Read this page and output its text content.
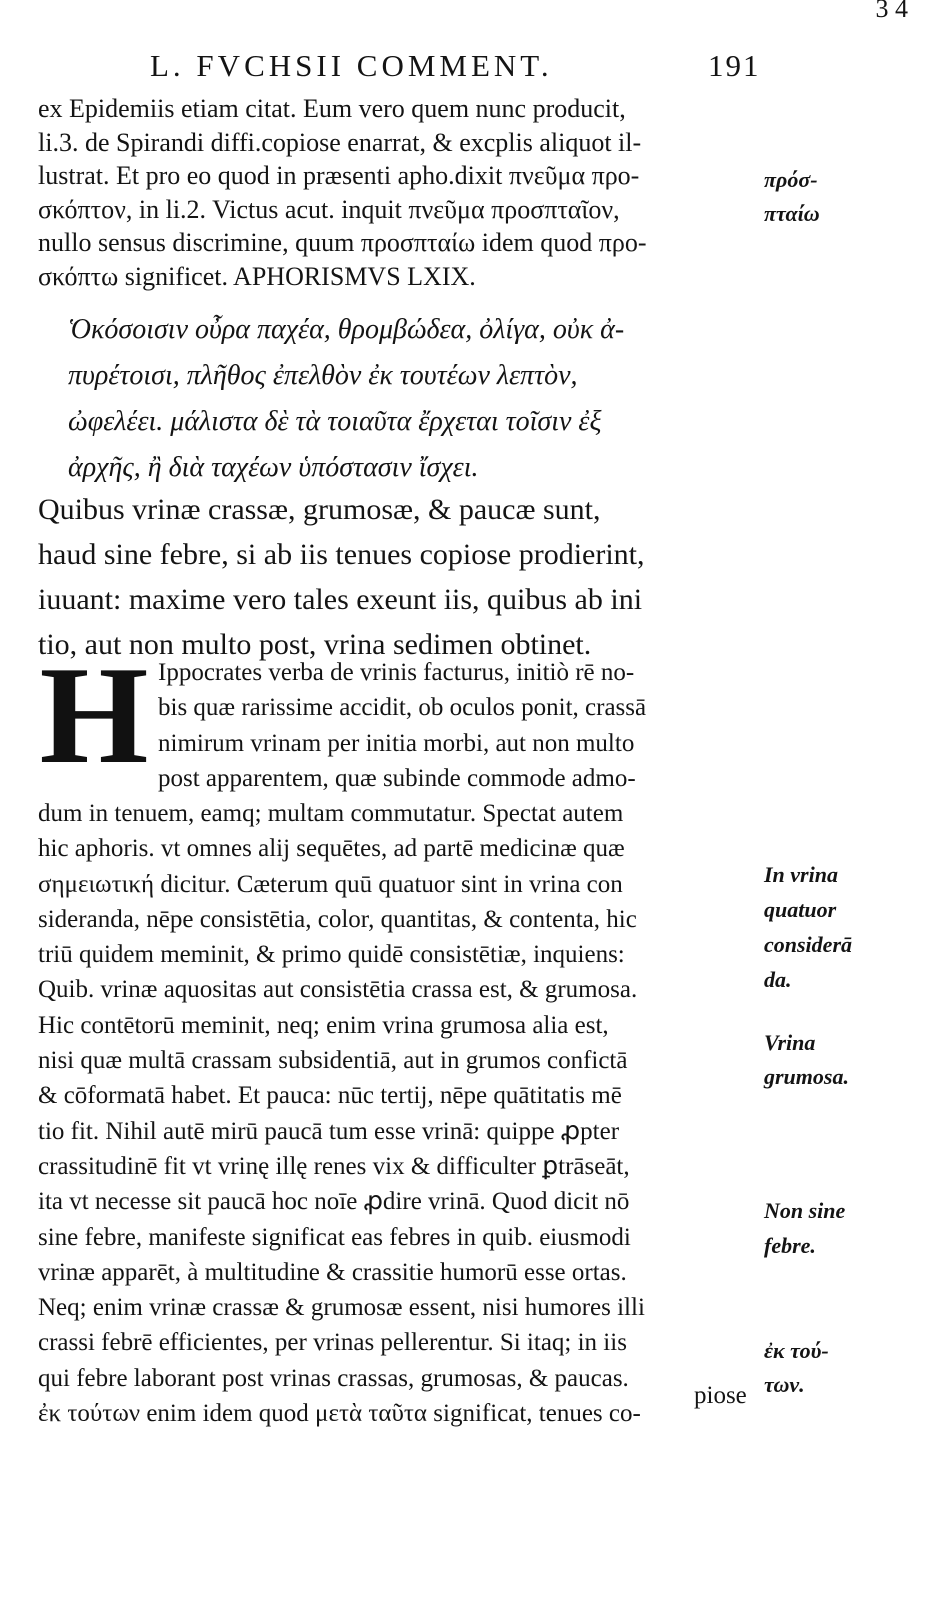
3 4
L. FVCHSII COMMENT.	191
ex Epidemiis etiam citat. Eum vero quem nunc producit,
li.3. de Spirandi diffi.copiose enarrat, & excplis aliquot il-
lustrat. Et pro eo quod in præsenti apho.dixit πνεῦμα προ-
σκόπτον, in li.2. Victus acut. inquit πνεῦμα προσπταῖον,
nullo sensus discrimine, quum προσπταίω idem quod προ-
σκόπτω significet. APHORISMVS LXIX.
Ὁκόσοισιν οὖρα παχέα, θρομβώδεα, ὀλίγα, οὐκ ἀ-
πυρέτοισι, πλῆθος ἐπελθὸν ἐκ τουτέων λεπτὸν,
ὠφελέει. μάλιστα δὲ τὰ τοιαῦτα ἔρχεται τοῖσιν ἐξ
ἀρχῆς, ἢ διὰ ταχέων ὑπόστασιν ἴσχει.
Quibus vrinæ crassæ, grumosæ, & paucæ sunt,
haud sine febre, si ab iis tenues copiose prodierint,
iuuant: maxime vero tales exeunt iis, quibus ab ini
tio, aut non multo post, vrina sedimen obtinet.
H Ippocrates verba de vrinis facturus, initiò rē no-
bis quæ rarissime accidit, ob oculos ponit, crassā
nimirum vrinam per initia morbi, aut non multo
post apparentem, quæ subinde commode admo-
dum in tenuem, eamq; multam commutatur. Spectat autem
hic aphoris. vt omnes alij sequētes, ad partē medicinæ quæ
σημειωτική dicitur. Cæterum quū quatuor sint in vrina con
sideranda, nēpe consistētia, color, quantitas, & contenta, hic
triū quidem meminit, & primo quidē consistētiæ, inquiens:
Quib. vrinæ aquositas aut consistētia crassa est, & grumosa.
Hic contētorū meminit, neq; enim vrina grumosa alia est,
nisi quæ multā crassam subsidentiā, aut in grumos confictā
& cōformatā habet. Et pauca: nūc tertij, nēpe quātitatis mē
tio fit. Nihil autē mirū paucā tum esse vrinā: quippe ꝓpter
crassitudinē fit vt vrinę illę renes vix & difficulter ꝑtrāseāt,
ita vt necesse sit paucā hoc noīe ꝓdire vrinā. Quod dicit nō
sine febre, manifeste significat eas febres in quib. eiusmodi
vrinæ apparēt, à multitudine & crassitie humorū esse ortas.
Neq; enim vrinæ crassæ & grumosæ essent, nisi humores illi
crassi febrē efficientes, per vrinas pellerentur. Si itaq; in iis
qui febre laborant post vrinas crassas, grumosas, & paucas.
ἐκ τούτων enim idem quod μετὰ ταῦτα significat, tenues co-
piose
πρόσ-
πταίω
In vrina
quatuor
considerā
da.
Vrina
grumosa.
Non sine
febre.
ἐκ τού-
των.
